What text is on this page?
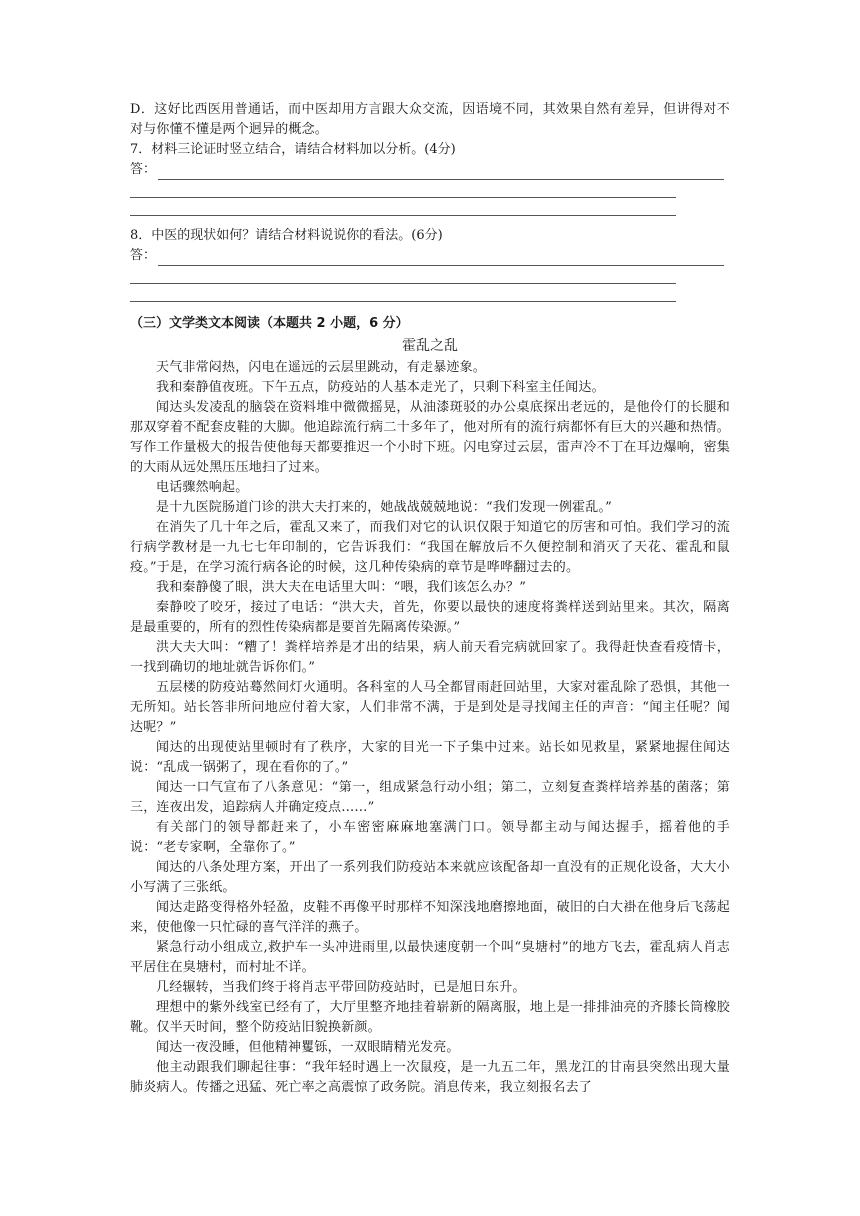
D．这好比西医用普通话，而中医却用方言跟大众交流，因语境不同，其效果自然有差异，但讲得对不对与你懂不懂是两个迥异的概念。

7．材料三论证时竖立结合，请结合材料加以分析。(4分)

答：

8．中医的现状如何？请结合材料说说你的看法。(6分)

答：

（三）文学类文本阅读（本题共 2 小题，6 分）

霍乱之乱

天气非常闷热，闪电在遥远的云层里跳动，有走暴迹象。

我和秦静值夜班。下午五点，防疫站的人基本走光了，只剩下科室主任闻达。

闻达头发凌乱的脑袋在资料堆中微微摇晃，从油漆斑驳的办公桌底探出老远的，是他伶仃的长腿和那双穿着不配套皮鞋的大脚。他追踪流行病二十多年了，他对所有的流行病都怀有巨大的兴趣和热情。写作工作量极大的报告使他每天都要推迟一个小时下班。闪电穿过云层，雷声冷不丁在耳边爆响，密集的大雨从远处黑压压地扫了过来。

电话骤然响起。

是十九医院肠道门诊的洪大夫打来的，她战战兢兢地说：“我们发现一例霍乱。”

在消失了几十年之后，霍乱又来了，而我们对它的认识仅限于知道它的厉害和可怕。我们学习的流行病学教材是一九七七年印制的，它告诉我们：“我国在解放后不久便控制和消灭了天花、霍乱和鼠疫。”于是，在学习流行病各论的时候，这几种传染病的章节是哗哗翻过去的。

我和秦静傻了眼，洪大夫在电话里大叫：“喂，我们该怎么办？”

秦静咬了咬牙，接过了电话：“洪大夫，首先，你要以最快的速度将粪样送到站里来。其次，隔离是最重要的，所有的烈性传染病都是要首先隔离传染源。”

洪大夫大叫：“糟了！粪样培养是才出的结果，病人前天看完病就回家了。我得赶快查看疫情卡，一找到确切的地址就告诉你们。”

五层楼的防疫站蓦然间灯火通明。各科室的人马全都冒雨赶回站里，大家对霍乱除了恐惧，其他一无所知。站长答非所问地应付着大家，人们非常不满，于是到处是寻找闻主任的声音：“闻主任呢？闻达呢？”

闻达的出现使站里顿时有了秩序，大家的目光一下子集中过来。站长如见救星，紧紧地握住闻达说：“乱成一锅粥了，现在看你的了。”

闻达一口气宣布了八条意见：“第一，组成紧急行动小组；第二，立刻复查粪样培养基的菌落；第三，连夜出发，追踪病人并确定疫点……”

有关部门的领导都赶来了，小车密密麻麻地塞满门口。领导都主动与闻达握手，摇着他的手说：“老专家啊，全靠你了。”

闻达的八条处理方案，开出了一系列我们防疫站本来就应该配备却一直没有的正规化设备，大大小小写满了三张纸。

闻达走路变得格外轻盈，皮鞋不再像平时那样不知深浅地磨擦地面，破旧的白大褂在他身后飞荡起来，使他像一只忙碌的喜气洋洋的燕子。

紧急行动小组成立,救护车一头冲进雨里,以最快速度朝一个叫“臭塘村”的地方飞去，霍乱病人肖志平居住在臭塘村，而村址不详。

几经辗转，当我们终于将肖志平带回防疫站时，已是旭日东升。

理想中的紫外线室已经有了，大厅里整齐地挂着崭新的隔离服，地上是一排排油亮的齐膝长筒橡胶靴。仅半天时间，整个防疫站旧貌换新颜。

闻达一夜没睡，但他精神矍铄，一双眼睛精光发亮。

他主动跟我们聊起往事：“我年轻时遇上一次鼠疫，是一九五二年，黑龙江的甘南县突然出现大量肺炎病人。传播之迅猛、死亡率之高震惊了政务院。消息传来，我立刻报名去了
